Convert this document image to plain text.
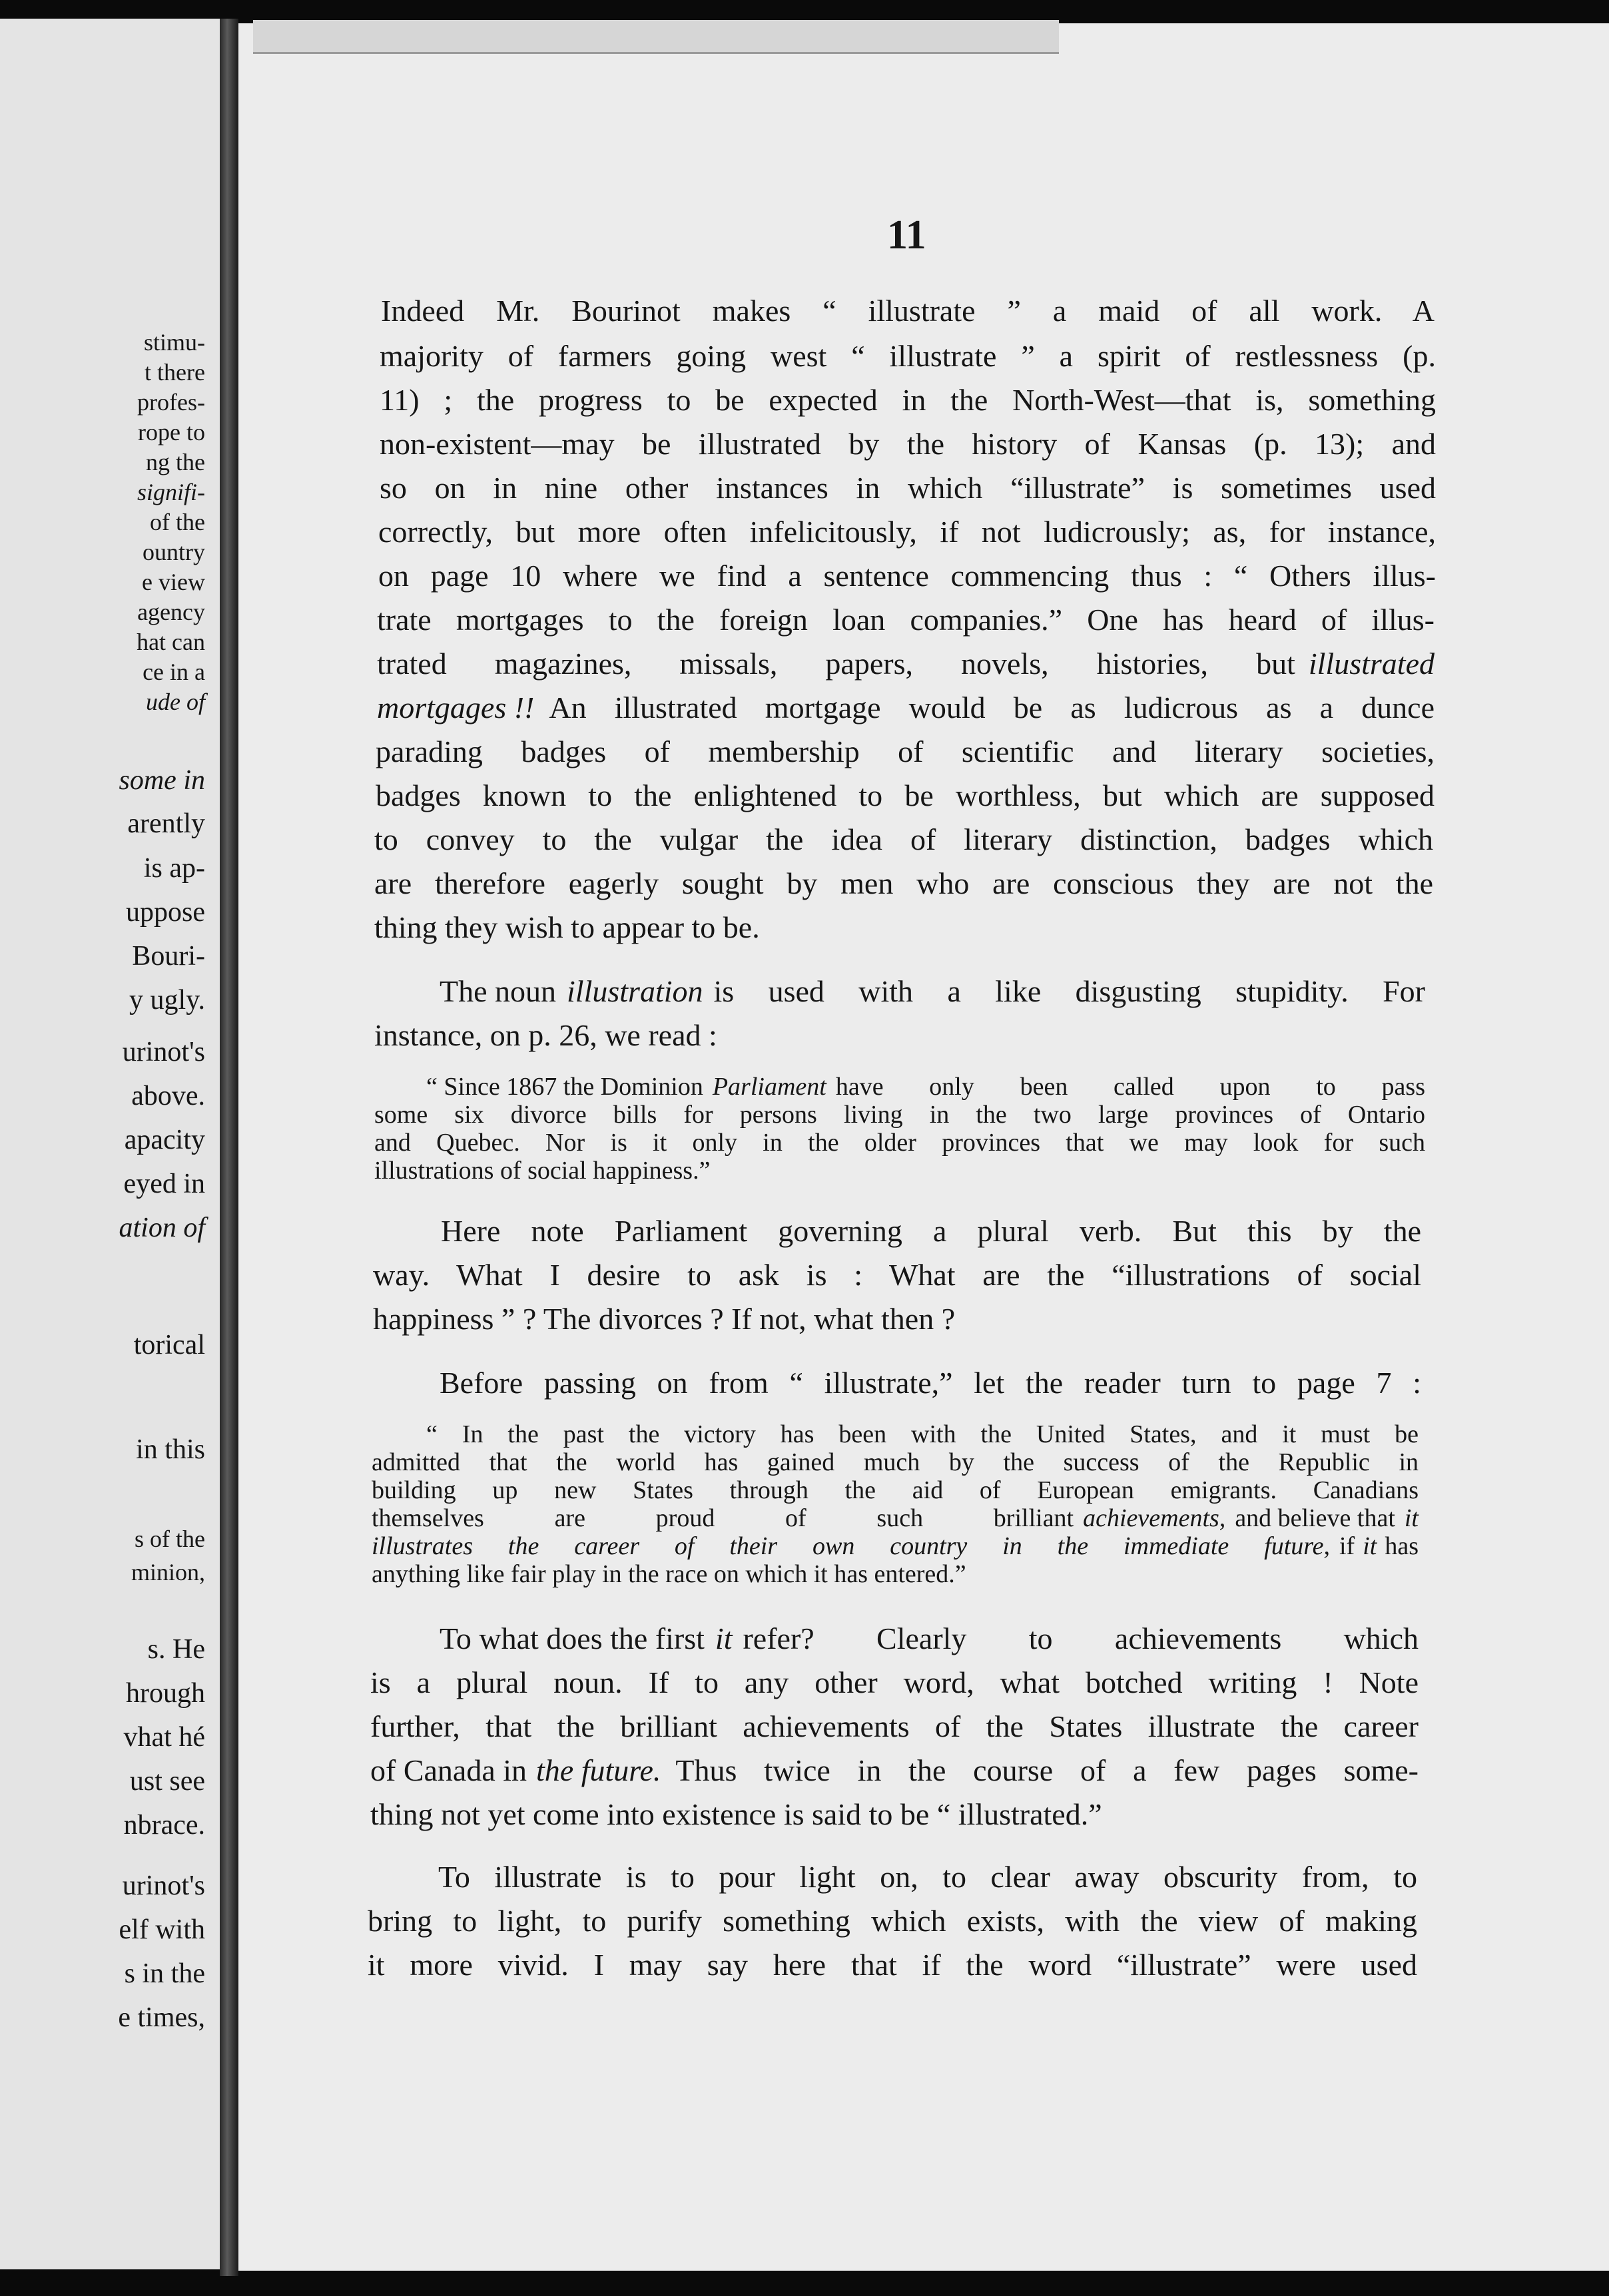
stimu-
t there
profes-
rope to
ng the
signifi-
of the
ountry
e view
agency
hat can
ce in a
ude of
some in
arently
is ap-
uppose
Bouri-
y ugly.
urinot's
above.
apacity
eyed in
ation of
torical
in this
s of the
minion,
s. He
hrough
vhat hé
ust see
nbrace.
urinot's
elf with
s in the
e times,
11
Indeed Mr. Bourinot makes “ illustrate ” a maid of all work. A
majority of farmers going west “ illustrate ” a spirit of restlessness (p.
11) ; the progress to be expected in the North-West—that is, something
non-existent—may be illustrated by the history of Kansas (p. 13); and
so on in nine other instances in which “illustrate” is sometimes used
correctly, but more often infelicitously, if not ludicrously; as, for instance,
on page 10 where we find a sentence commencing thus : “ Others illus-
trate mortgages to the foreign loan companies.” One has heard of illus-
trated magazines, missals, papers, novels, histories, but illustrated
mortgages !! An illustrated mortgage would be as ludicrous as a dunce
parading badges of membership of scientific and literary societies,
badges known to the enlightened to be worthless, but which are supposed
to convey to the vulgar the idea of literary distinction, badges which
are therefore eagerly sought by men who are conscious they are not the
thing they wish to appear to be.
The noun illustration is used with a like disgusting stupidity. For
instance, on p. 26, we read :
“ Since 1867 the Dominion Parliament have only been called upon to pass
some six divorce bills for persons living in the two large provinces of Ontario
and Quebec. Nor is it only in the older provinces that we may look for such
illustrations of social happiness.”
Here note Parliament governing a plural verb. But this by the
way. What I desire to ask is : What are the “illustrations of social
happiness ” ? The divorces ? If not, what then ?
Before passing on from “ illustrate,” let the reader turn to page 7 :
“ In the past the victory has been with the United States, and it must be
admitted that the world has gained much by the success of the Republic in
building up new States through the aid of European emigrants. Canadians
themselves are proud of such brilliant achievements, and believe that it
illustrates the career of their own country in the immediate future, if it has
anything like fair play in the race on which it has entered.”
To what does the first it refer? Clearly to achievements which
is a plural noun. If to any other word, what botched writing ! Note
further, that the brilliant achievements of the States illustrate the career
of Canada in the future. Thus twice in the course of a few pages some-
thing not yet come into existence is said to be “ illustrated.”
To illustrate is to pour light on, to clear away obscurity from, to
bring to light, to purify something which exists, with the view of making
it more vivid. I may say here that if the word “illustrate” were used
